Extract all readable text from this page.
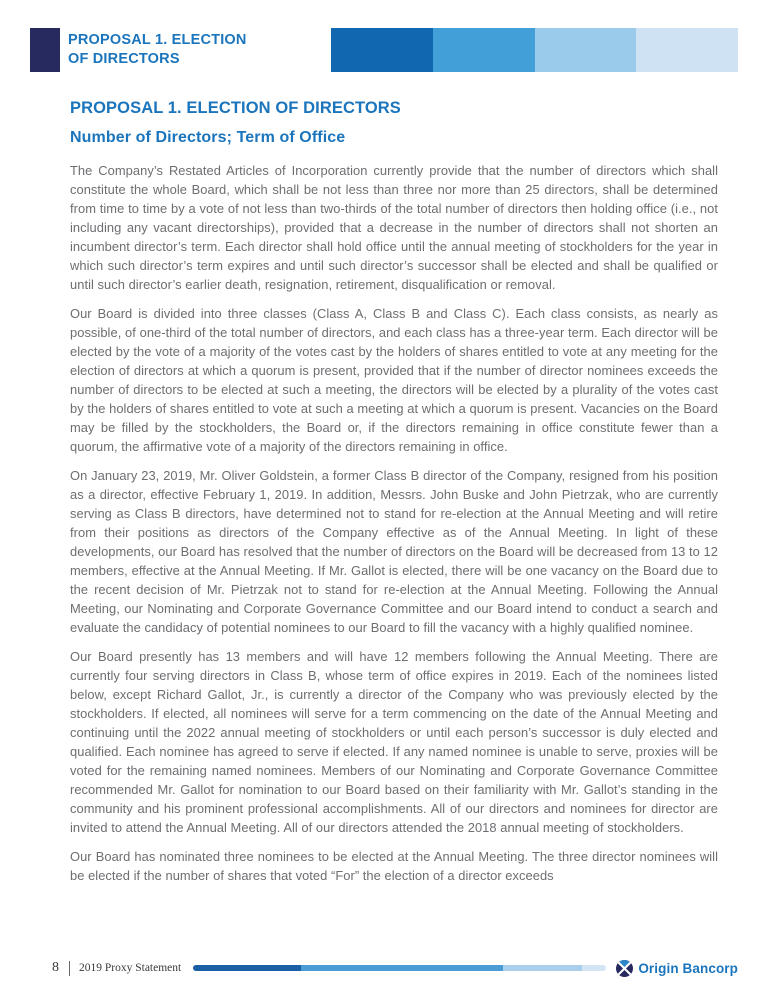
PROPOSAL 1. ELECTION
OF DIRECTORS
PROPOSAL 1. ELECTION OF DIRECTORS
Number of Directors; Term of Office

The Company’s Restated Articles of Incorporation currently provide that the number of directors which shall constitute the whole Board, which shall be not less than three nor more than 25 directors, shall be determined from time to time by a vote of not less than two-thirds of the total number of directors then holding office (i.e., not including any vacant directorships), provided that a decrease in the number of directors shall not shorten an incumbent director’s term. Each director shall hold office until the annual meeting of stockholders for the year in which such director’s term expires and until such director’s successor shall be elected and shall be qualified or until such director’s earlier death, resignation, retirement, disqualification or removal.

Our Board is divided into three classes (Class A, Class B and Class C). Each class consists, as nearly as possible, of one-third of the total number of directors, and each class has a three-year term. Each director will be elected by the vote of a majority of the votes cast by the holders of shares entitled to vote at any meeting for the election of directors at which a quorum is present, provided that if the number of director nominees exceeds the number of directors to be elected at such a meeting, the directors will be elected by a plurality of the votes cast by the holders of shares entitled to vote at such a meeting at which a quorum is present. Vacancies on the Board may be filled by the stockholders, the Board or, if the directors remaining in office constitute fewer than a quorum, the affirmative vote of a majority of the directors remaining in office.

On January 23, 2019, Mr. Oliver Goldstein, a former Class B director of the Company, resigned from his position as a director, effective February 1, 2019. In addition, Messrs. John Buske and John Pietrzak, who are currently serving as Class B directors, have determined not to stand for re-election at the Annual Meeting and will retire from their positions as directors of the Company effective as of the Annual Meeting. In light of these developments, our Board has resolved that the number of directors on the Board will be decreased from 13 to 12 members, effective at the Annual Meeting. If Mr. Gallot is elected, there will be one vacancy on the Board due to the recent decision of Mr. Pietrzak not to stand for re-election at the Annual Meeting. Following the Annual Meeting, our Nominating and Corporate Governance Committee and our Board intend to conduct a search and evaluate the candidacy of potential nominees to our Board to fill the vacancy with a highly qualified nominee.

Our Board presently has 13 members and will have 12 members following the Annual Meeting. There are currently four serving directors in Class B, whose term of office expires in 2019. Each of the nominees listed below, except Richard Gallot, Jr., is currently a director of the Company who was previously elected by the stockholders. If elected, all nominees will serve for a term commencing on the date of the Annual Meeting and continuing until the 2022 annual meeting of stockholders or until each person’s successor is duly elected and qualified. Each nominee has agreed to serve if elected. If any named nominee is unable to serve, proxies will be voted for the remaining named nominees. Members of our Nominating and Corporate Governance Committee recommended Mr. Gallot for nomination to our Board based on their familiarity with Mr. Gallot’s standing in the community and his prominent professional accomplishments. All of our directors and nominees for director are invited to attend the Annual Meeting. All of our directors attended the 2018 annual meeting of stockholders.

Our Board has nominated three nominees to be elected at the Annual Meeting. The three director nominees will be elected if the number of shares that voted “For” the election of a director exceeds

8 2019 Proxy Statement	Origin Bancorp
